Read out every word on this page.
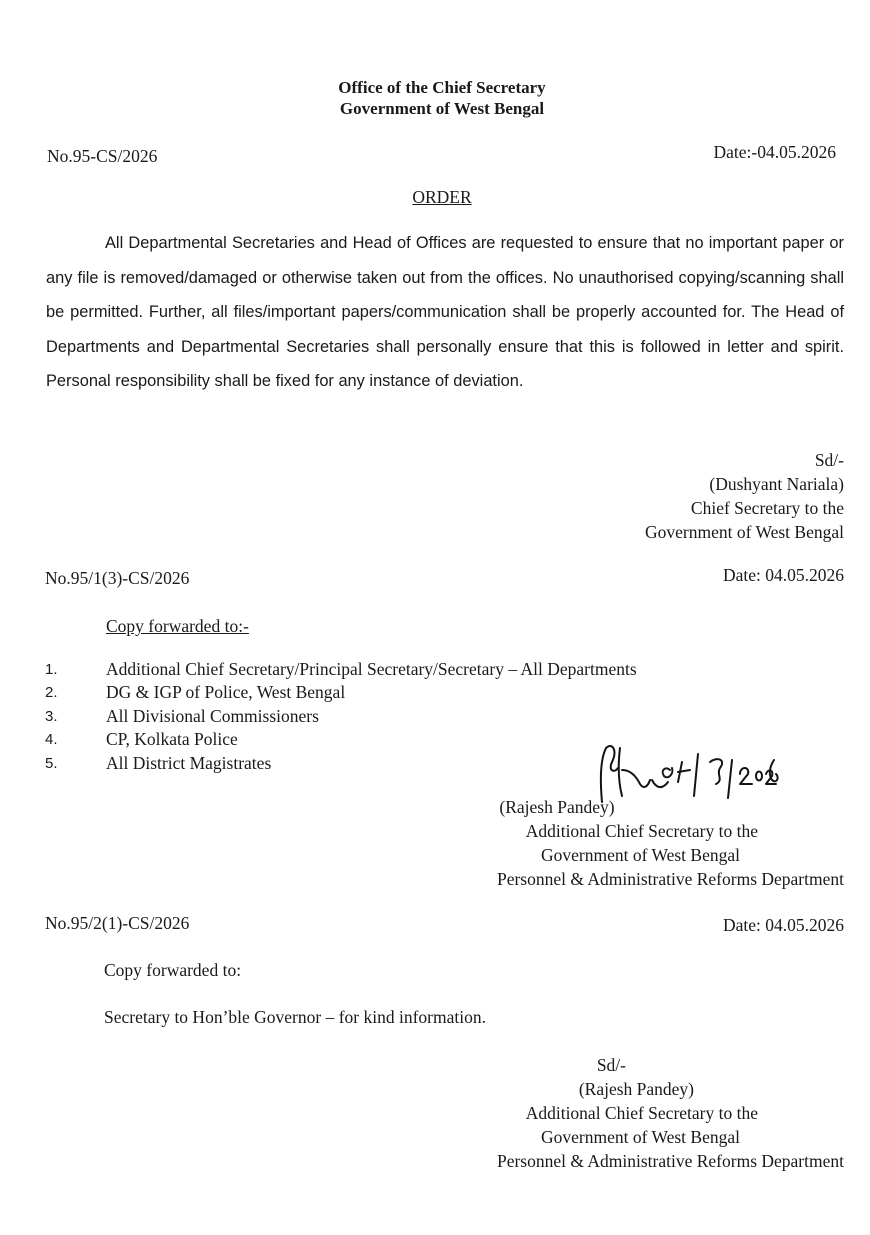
Office of the Chief Secretary
Government of West Bengal
No.95-CS/2026	Date:-04.05.2026
ORDER
All Departmental Secretaries and Head of Offices are requested to ensure that no important paper or any file is removed/damaged or otherwise taken out from the offices. No unauthorised copying/scanning shall be permitted. Further, all files/important papers/communication shall be properly accounted for. The Head of Departments and Departmental Secretaries shall personally ensure that this is followed in letter and spirit. Personal responsibility shall be fixed for any instance of deviation.
Sd/-
(Dushyant Nariala)
Chief Secretary to the
Government of West Bengal
No.95/1(3)-CS/2026	Date: 04.05.2026
Copy forwarded to:-
1.	Additional Chief Secretary/Principal Secretary/Secretary – All Departments
2.	DG & IGP of Police, West Bengal
3.	All Divisional Commissioners
4.	CP, Kolkata Police
5.	All District Magistrates
(Rajesh Pandey)
Additional Chief Secretary to the
Government of West Bengal
Personnel & Administrative Reforms Department
No.95/2(1)-CS/2026	Date: 04.05.2026
Copy forwarded to:
Secretary to Hon’ble Governor – for kind information.
Sd/-
(Rajesh Pandey)
Additional Chief Secretary to the
Government of West Bengal
Personnel & Administrative Reforms Department
